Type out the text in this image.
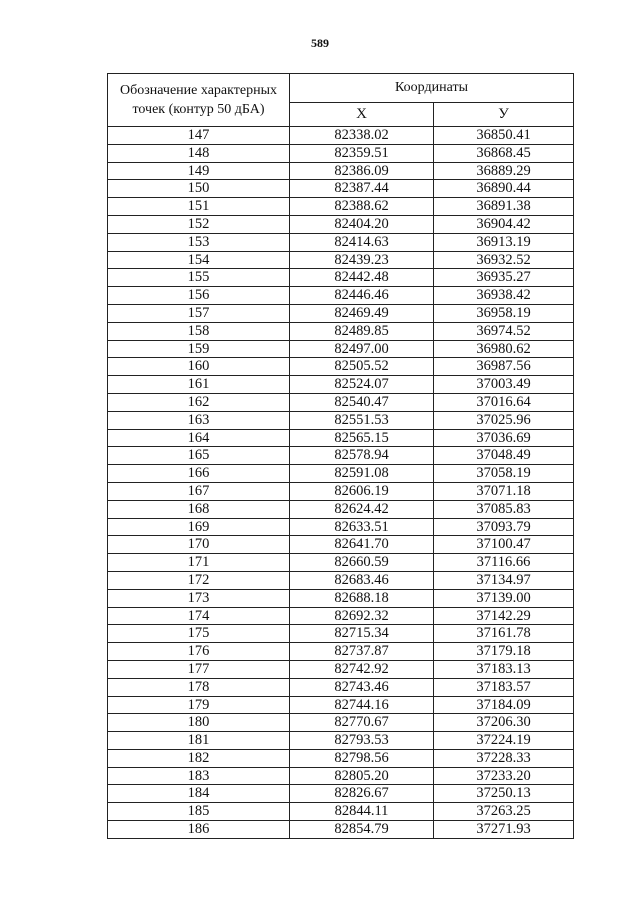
589
Обозначение характерных точек (контур 50 дБА)	Координаты	
	X	У
147	82338.02	36850.41
148	82359.51	36868.45
149	82386.09	36889.29
150	82387.44	36890.44
151	82388.62	36891.38
152	82404.20	36904.42
153	82414.63	36913.19
154	82439.23	36932.52
155	82442.48	36935.27
156	82446.46	36938.42
157	82469.49	36958.19
158	82489.85	36974.52
159	82497.00	36980.62
160	82505.52	36987.56
161	82524.07	37003.49
162	82540.47	37016.64
163	82551.53	37025.96
164	82565.15	37036.69
165	82578.94	37048.49
166	82591.08	37058.19
167	82606.19	37071.18
168	82624.42	37085.83
169	82633.51	37093.79
170	82641.70	37100.47
171	82660.59	37116.66
172	82683.46	37134.97
173	82688.18	37139.00
174	82692.32	37142.29
175	82715.34	37161.78
176	82737.87	37179.18
177	82742.92	37183.13
178	82743.46	37183.57
179	82744.16	37184.09
180	82770.67	37206.30
181	82793.53	37224.19
182	82798.56	37228.33
183	82805.20	37233.20
184	82826.67	37250.13
185	82844.11	37263.25
186	82854.79	37271.93
